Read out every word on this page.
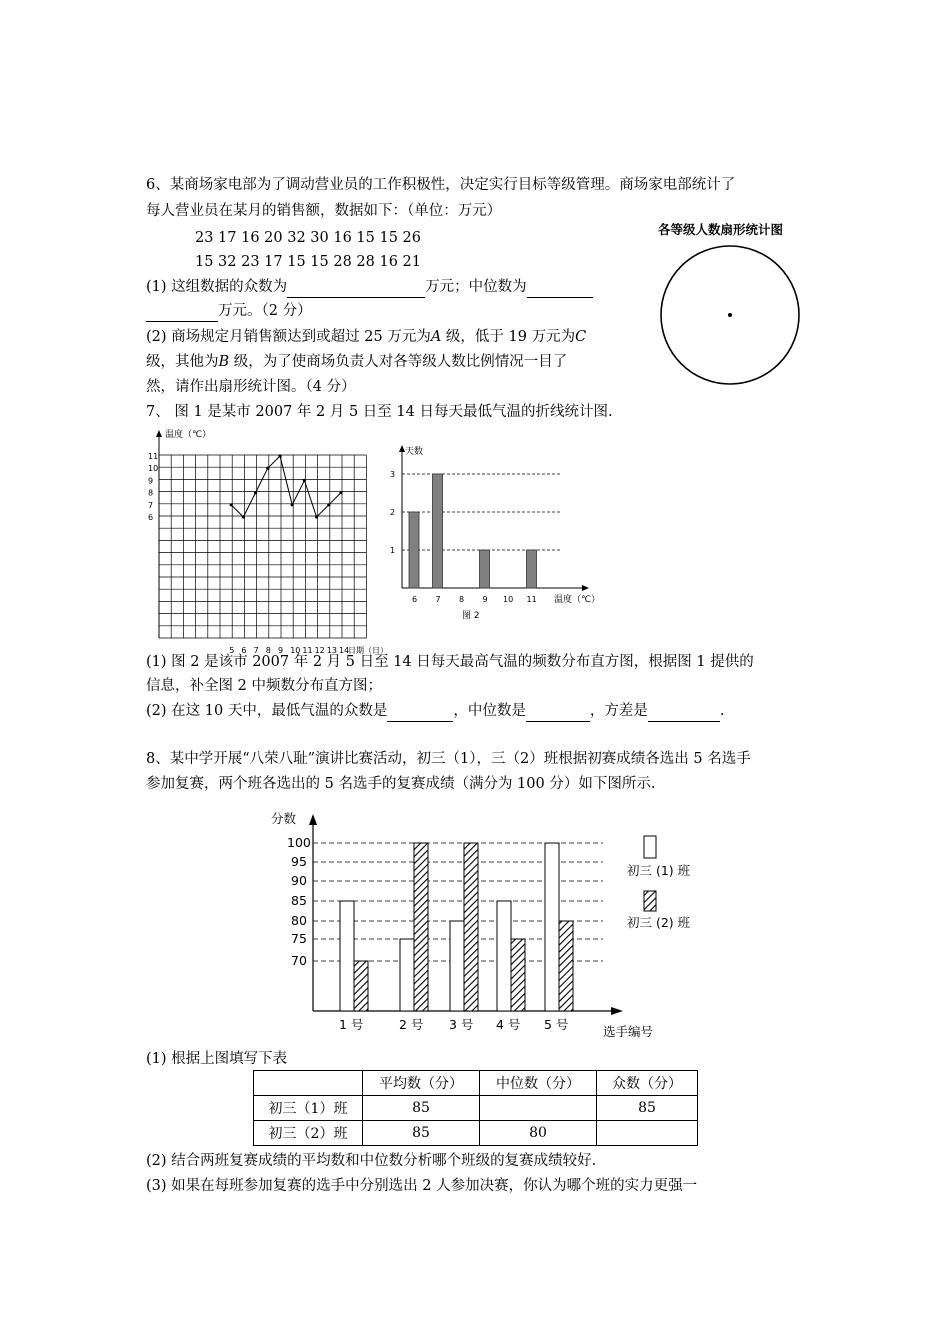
6、某商场家电部为了调动营业员的工作积极性，决定实行目标等级管理。商场家电部统计了
每人营业员在某月的销售额，数据如下：（单位：万元）
23 17 16 20 32 30 16 15 15 26
15 32 23 17 15 15 28 28 16 21
(1) 这组数据的众数为	万元；中位数为
万元。（2 分）
(2) 商场规定月销售额达到或超过 25 万元为A 级，低于 19 万元为C
级，其他为B 级，为了使商场负责人对各等级人数比例情况一目了
然，请作出扇形统计图。（4 分）
各等级人数扇形统计图
7、 图 1 是某市 2007 年 2 月 5 日至 14 日每天最低气温的折线统计图.
温度（℃）
11
10
9
8
7
6
5 6 7 8 9 10 11 12 13 14
日期（日）
天数
3
2
1
6 7 8 9 10 11 温度（℃）
图 2
(1) 图 2 是该市 2007 年 2 月 5 日至 14 日每天最高气温的频数分布直方图，根据图 1 提供的
信息，补全图 2 中频数分布直方图；
(2) 在这 10 天中，最低气温的众数是	，中位数是	，方差是	.
8、某中学开展“八荣八耻”演讲比赛活动，初三（1），三（2）班根据初赛成绩各选出 5 名选手
参加复赛，两个班各选出的 5 名选手的复赛成绩（满分为 100 分）如下图所示.
分数
100
95
90
85
80
75
70
1 号	2 号 3 号 4 号 5 号	选手编号
初三 (1) 班
初三 (2) 班
(1) 根据上图填写下表
	平均数（分）	中位数（分）	众数（分）
初三（1）班	85		85
初三（2）班	85	80	
(2) 结合两班复赛成绩的平均数和中位数分析哪个班级的复赛成绩较好.
(3) 如果在每班参加复赛的选手中分别选出 2 人参加决赛，你认为哪个班的实力更强一
